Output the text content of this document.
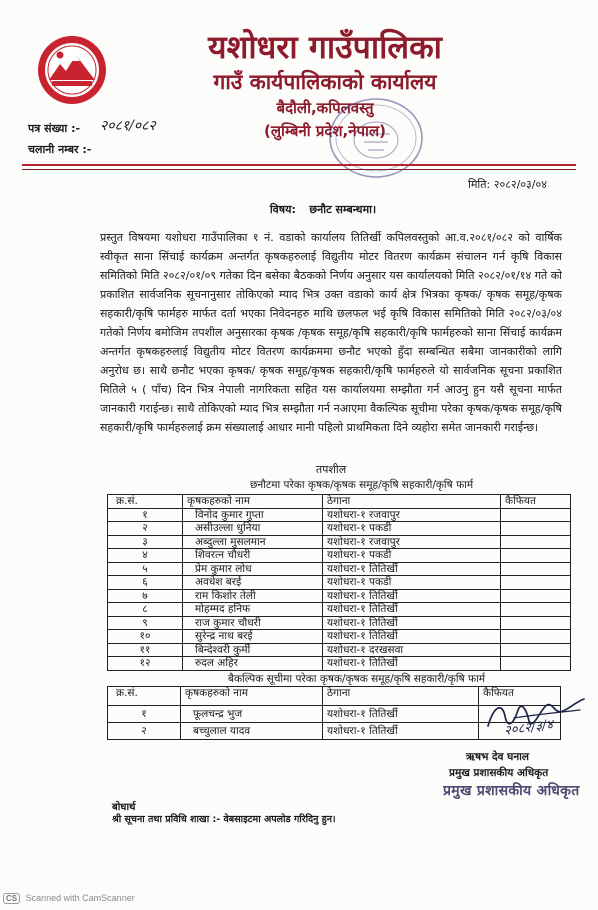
यशोधरा गाउँपालिका
गाउँ कार्यपालिकाको कार्यालय
बैदौली,कपिलवस्तु
(लुम्बिनी प्रदेश,नेपाल)
पत्र संख्या :- २०८१/०८२
चलानी नम्बर :-
मिति: २०८२/०३/०४
विषय: छनौट सम्बन्धमा।
प्रस्तुत विषयमा यशोधरा गाउँपालिका १ नं. वडाको कार्यालय तितिर्खी कपिलवस्तुको आ.व.२०८१/०८२ को वार्षिक स्वीकृत साना सिंचाई कार्यक्रम अन्तर्गत कृषकहरुलाई विद्युतीय मोटर वितरण कार्यक्रम संचालन गर्न कृषि विकास समितिको मिति २०८२/०१/०९ गतेका दिन बसेका बैठकको निर्णय अनुसार यस कार्यालयको मिति २०८२/०१/१४ गते को प्रकाशित सार्वजनिक सूचनानुसार तोकिएको म्याद भित्र उक्त वडाको कार्य क्षेत्र भित्रका कृषक/ कृषक समूह/कृषक सहकारी/कृषि फार्महरु मार्फत दर्ता भएका निवेदनहरु माथि छलफल भई कृषि विकास समितिको मिति २०८२/०३/०४ गतेको निर्णय बमोजिम तपशील अनुसारका कृषक /कृषक समूह/कृषि सहकारी/कृषि फार्महरुको साना सिंचाई कार्यक्रम अन्तर्गत कृषकहरुलाई विद्युतीय मोटर वितरण कार्यक्रममा छनौट भएको हुँदा सम्बन्धित सबैमा जानकारीको लागि अनुरोध छ। साथै छनौट भएका कृषक/ कृषक समूह/कृषक सहकारी/कृषि फार्महरुले यो सार्वजनिक सूचना प्रकाशित मितिले ५ ( पाँच) दिन भित्र नेपाली नागरिकता सहित यस कार्यालयमा सम्झौता गर्न आउनु हुन यसै सूचना मार्फत जानकारी गराईन्छ। साथै तोकिएको म्याद भित्र सम्झौता गर्न नआएमा वैकल्पिक सूचीमा परेका कृषक/कृषक समूह/कृषि सहकारी/कृषि फार्महरुलाई क्रम संख्यालाई आधार मानी पहिलो प्राथमिकता दिने व्यहोरा समेत जानकारी गराईन्छ।
तपशील
छनौटमा परेका कृषक/कृषक समूह/कृषि सहकारी/कृषि फार्म
क्र.सं.	कृषकहरुको नाम	ठेगाना	कैफियत
१	विनोद कुमार गुप्ता	यशोधरा-१ रजवापुर	
२	असीउल्ला धुनिया	यशोधरा-१ पकडी	
३	अब्दुल्ला मुसलमान	यशोधरा-१ रजवापुर	
४	शिवरत्न चौधरी	यशोधरा-१ पकडी	
५	प्रेम कुमार लोध	यशोधरा-१ तितिर्खी	
६	अवधेश बरई	यशोधरा-१ पकडी	
७	राम किशोर तेली	यशोधरा-१ तितिर्खी	
८	मोहम्मद हनिफ	यशोधरा-१ तितिर्खी	
९	राज कुमार चौधरी	यशोधरा-१ तितिर्खी	
१०	सुरेन्द्र नाथ बरई	यशोधरा-१ तितिर्खी	
११	बिन्देश्वरी कुर्मी	यशोधरा-१ दरखसवा	
१२	रुदल अहिर	यशोधरा-१ तितिर्खी	
बैकल्पिक सूचीमा परेका कृषक/कृषक समूह/कृषि सहकारी/कृषि फार्म
क्र.सं.	कृषकहरुको नाम	ठेगाना	कैफियत
१	फूलचन्द्र भुज	यशोधरा-१ तितिर्खी	
२	बच्चुलाल यादव	यशोधरा-१ तितिर्खी		२०८२/३/४
ऋषभ देव घनाल
प्रमुख प्रशासकीय अधिकृत
प्रमुख प्रशासकीय अधिकृत
बोधार्थ
श्री सूचना तथा प्रविधि शाखा :- वेबसाइटमा अपलोड गरिदिनु हुन।
CS Scanned with CamScanner
